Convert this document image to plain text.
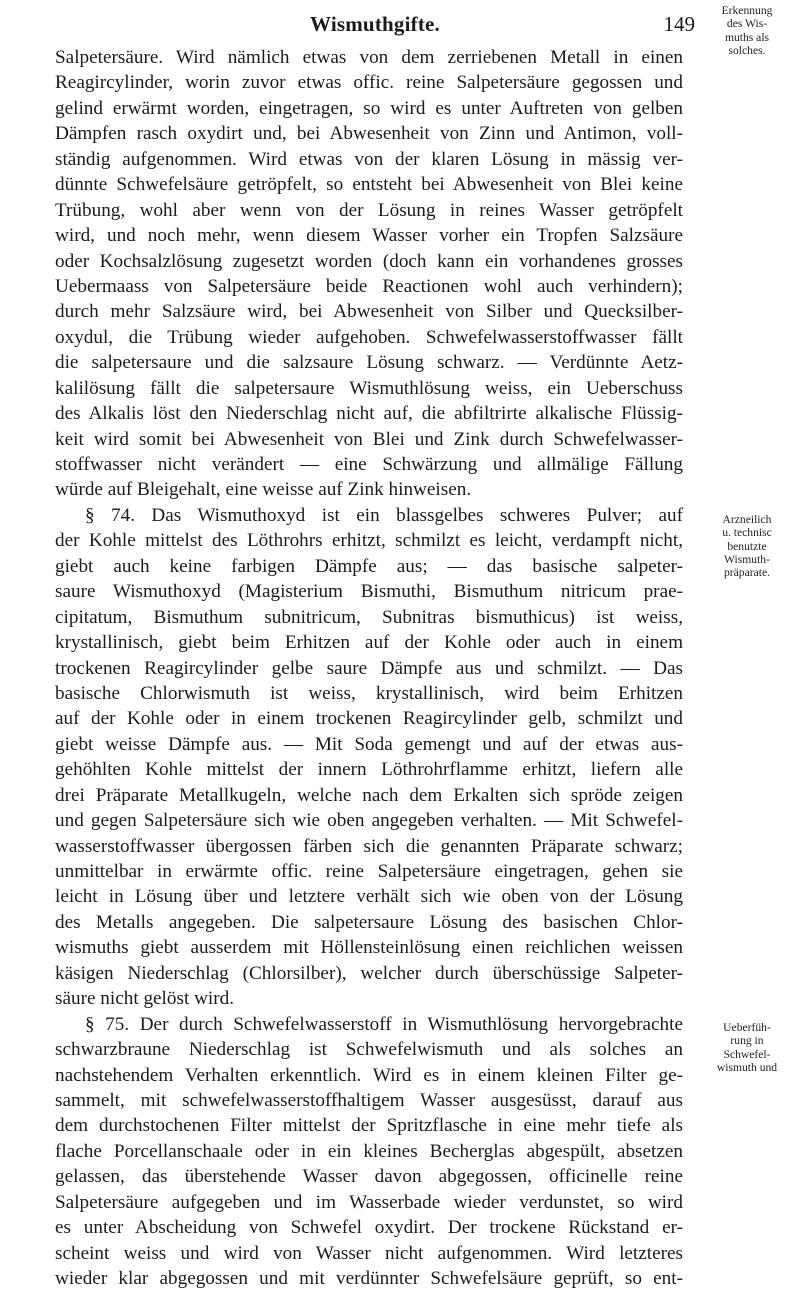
Wismuthgifte.	149
Salpetersäure. Wird nämlich etwas von dem zerriebenen Metall in einen
Reagircylinder, worin zuvor etwas offic. reine Salpetersäure gegossen und
gelind erwärmt worden, eingetragen, so wird es unter Auftreten von gelben
Dämpfen rasch oxydirt und, bei Abwesenheit von Zinn und Antimon, voll-
ständig aufgenommen. Wird etwas von der klaren Lösung in mässig ver-
dünnte Schwefelsäure getröpfelt, so entsteht bei Abwesenheit von Blei keine
Trübung, wohl aber wenn von der Lösung in reines Wasser getröpfelt
wird, und noch mehr, wenn diesem Wasser vorher ein Tropfen Salzsäure
oder Kochsalzlösung zugesetzt worden (doch kann ein vorhandenes grosses
Uebermaass von Salpetersäure beide Reactionen wohl auch verhindern);
durch mehr Salzsäure wird, bei Abwesenheit von Silber und Quecksilber-
oxydul, die Trübung wieder aufgehoben. Schwefelwasserstoffwasser fällt
die salpetersaure und die salzsaure Lösung schwarz. — Verdünnte Aetz-
kalilösung fällt die salpetersaure Wismuthlösung weiss, ein Ueberschuss
des Alkalis löst den Niederschlag nicht auf, die abfiltrirte alkalische Flüssig-
keit wird somit bei Abwesenheit von Blei und Zink durch Schwefelwasser-
stoffwasser nicht verändert — eine Schwärzung und allmälige Fällung
würde auf Bleigehalt, eine weisse auf Zink hinweisen.
§ 74. Das Wismuthoxyd ist ein blassgelbes schweres Pulver; auf
der Kohle mittelst des Löthrohrs erhitzt, schmilzt es leicht, verdampft nicht,
giebt auch keine farbigen Dämpfe aus; — das basische salpeter-
saure Wismuthoxyd (Magisterium Bismuthi, Bismuthum nitricum prae-
cipitatum, Bismuthum subnitricum, Subnitras bismuthicus) ist weiss,
krystallinisch, giebt beim Erhitzen auf der Kohle oder auch in einem
trockenen Reagircylinder gelbe saure Dämpfe aus und schmilzt. — Das
basische Chlorwismuth ist weiss, krystallinisch, wird beim Erhitzen
auf der Kohle oder in einem trockenen Reagircylinder gelb, schmilzt und
giebt weisse Dämpfe aus. — Mit Soda gemengt und auf der etwas aus-
gehöhlten Kohle mittelst der innern Löthrohrflamme erhitzt, liefern alle
drei Präparate Metallkugeln, welche nach dem Erkalten sich spröde zeigen
und gegen Salpetersäure sich wie oben angegeben verhalten. — Mit Schwefel-
wasserstoffwasser übergossen färben sich die genannten Präparate schwarz;
unmittelbar in erwärmte offic. reine Salpetersäure eingetragen, gehen sie
leicht in Lösung über und letztere verhält sich wie oben von der Lösung
des Metalls angegeben. Die salpetersaure Lösung des basischen Chlor-
wismuths giebt ausserdem mit Höllensteinlösung einen reichlichen weissen
käsigen Niederschlag (Chlorsilber), welcher durch überschüssige Salpeter-
säure nicht gelöst wird.
§ 75. Der durch Schwefelwasserstoff in Wismuthlösung hervorgebrachte
schwarzbraune Niederschlag ist Schwefelwismuth und als solches an
nachstehendem Verhalten erkenntlich. Wird es in einem kleinen Filter ge-
sammelt, mit schwefelwasserstoffhaltigem Wasser ausgesüsst, darauf aus
dem durchstochenen Filter mittelst der Spritzflasche in eine mehr tiefe als
flache Porcellanschaale oder in ein kleines Becherglas abgespült, absetzen
gelassen, das überstehende Wasser davon abgegossen, officinelle reine
Salpetersäure aufgegeben und im Wasserbade wieder verdunstet, so wird
es unter Abscheidung von Schwefel oxydirt. Der trockene Rückstand er-
scheint weiss und wird von Wasser nicht aufgenommen. Wird letzteres
wieder klar abgegossen und mit verdünnter Schwefelsäure geprüft, so ent-
Erkennung
des Wis-
muths als
solches.
Arzneilich
u. technisc
benutzte
Wismuth-
präparate.
Ueberfüh-
rung in
Schwefel-
wismuth und
